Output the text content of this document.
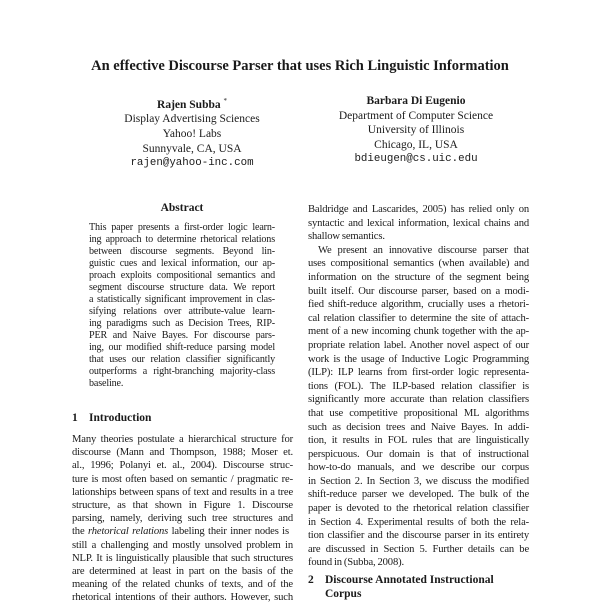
An effective Discourse Parser that uses Rich Linguistic Information
Rajen Subba *
Display Advertising Sciences
Yahoo! Labs
Sunnyvale, CA, USA
rajen@yahoo-inc.com
Barbara Di Eugenio
Department of Computer Science
University of Illinois
Chicago, IL, USA
bdieugen@cs.uic.edu
Abstract
This paper presents a first-order logic learn-
ing approach to determine rhetorical relations
between discourse segments. Beyond lin-
guistic cues and lexical information, our ap-
proach exploits compositional semantics and
segment discourse structure data. We report
a statistically significant improvement in clas-
sifying relations over attribute-value learn-
ing paradigms such as Decision Trees, RIP-
PER and Naive Bayes. For discourse pars-
ing, our modified shift-reduce parsing model
that uses our relation classifier significantly
outperforms a right-branching majority-class
baseline.
1 Introduction
Many theories postulate a hierarchical structure for
discourse (Mann and Thompson, 1988; Moser et.
al., 1996; Polanyi et. al., 2004). Discourse struc-
ture is most often based on semantic / pragmatic re-
lationships between spans of text and results in a tree
structure, as that shown in Figure 1. Discourse
parsing, namely, deriving such tree structures and
the rhetorical relations labeling their inner nodes is
still a challenging and mostly unsolved problem in
NLP. It is linguistically plausible that such structures
are determined at least in part on the basis of the
meaning of the related chunks of texts, and of the
rhetorical intentions of their authors. However, such
Baldridge and Lascarides, 2005) has relied only on
syntactic and lexical information, lexical chains and
shallow semantics.
We present an innovative discourse parser that
uses compositional semantics (when available) and
information on the structure of the segment being
built itself. Our discourse parser, based on a modi-
fied shift-reduce algorithm, crucially uses a rhetori-
cal relation classifier to determine the site of attach-
ment of a new incoming chunk together with the ap-
propriate relation label. Another novel aspect of our
work is the usage of Inductive Logic Programming
(ILP): ILP learns from first-order logic representa-
tions (FOL). The ILP-based relation classifier is
significantly more accurate than relation classifiers
that use competitive propositional ML algorithms
such as decision trees and Naive Bayes. In addi-
tion, it results in FOL rules that are linguistically
perspicuous. Our domain is that of instructional
how-to-do manuals, and we describe our corpus
in Section 2. In Section 3, we discuss the modified
shift-reduce parser we developed. The bulk of the
paper is devoted to the rhetorical relation classifier
in Section 4. Experimental results of both the rela-
tion classifier and the discourse parser in its entirety
are discussed in Section 5. Further details can be
found in (Subba, 2008).
2 Discourse Annotated Instructional
Corpus
